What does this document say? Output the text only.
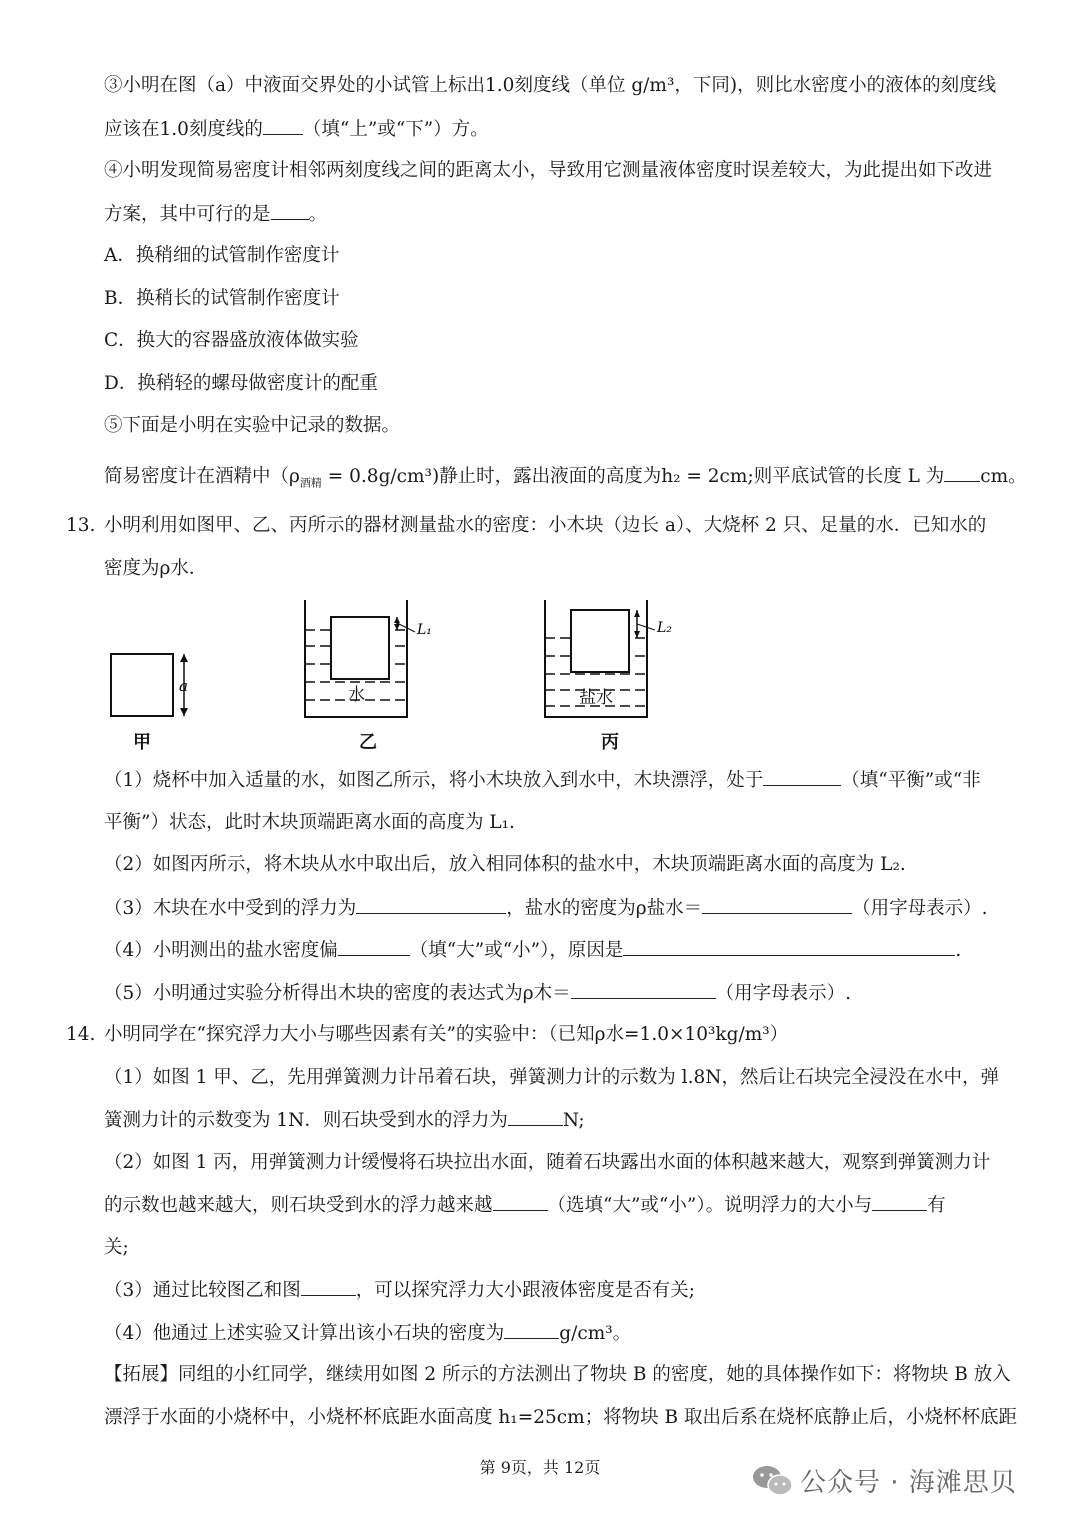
③小明在图（a）中液面交界处的小试管上标出1.0刻度线（单位 g/m³，下同)，则比水密度小的液体的刻度线
应该在1.0刻度线的 （填“上”或“下”）方。
④小明发现简易密度计相邻两刻度线之间的距离太小，导致用它测量液体密度时误差较大，为此提出如下改进
方案，其中可行的是 。
A．换稍细的试管制作密度计
B．换稍长的试管制作密度计
C．换大的容器盛放液体做实验
D．换稍轻的螺母做密度计的配重
⑤下面是小明在实验中记录的数据。
简易密度计在酒精中$(\rho_{酒精} = 0.8g/cm^3)$静止时，露出液面的高度为h₂ = 2cm;则平底试管的长度 L 为 cm。
13. 小明利用如图甲、乙、丙所示的器材测量盐水的密度：小木块（边长 a）、大烧杯 2 只、足量的水．已知水的
密度为ρ水．
a
甲
水
L₁
乙
盐水
L₂
丙
（1）烧杯中加入适量的水，如图乙所示，将小木块放入到水中，木块漂浮，处于	（填“平衡”或“非
平衡”）状态，此时木块顶端距离水面的高度为 L₁.
（2）如图丙所示，将木块从水中取出后，放入相同体积的盐水中，木块顶端距离水面的高度为 L₂.
（3）木块在水中受到的浮力为	，盐水的密度为ρ盐水＝	（用字母表示）.
（4）小明测出的盐水密度偏	（填“大”或“小”），原因是	.
（5）小明通过实验分析得出木块的密度的表达式为ρ木＝	（用字母表示）.
14. 小明同学在“探究浮力大小与哪些因素有关”的实验中：（已知ρ水=1.0×10³kg/m³）
（1）如图 1 甲、乙，先用弹簧测力计吊着石块，弹簧测力计的示数为 l.8N，然后让石块完全浸没在水中，弹
簧测力计的示数变为 1N．则石块受到水的浮力为	N;
（2）如图 1 丙，用弹簧测力计缓慢将石块拉出水面，随着石块露出水面的体积越来越大，观察到弹簧测力计
的示数也越来越大，则石块受到水的浮力越来越	（选填“大”或“小”）。说明浮力的大小与	有
关;
（3）通过比较图乙和图	，可以探究浮力大小跟液体密度是否有关;
（4）他通过上述实验又计算出该小石块的密度为	g/cm³。
【拓展】同组的小红同学，继续用如图 2 所示的方法测出了物块 B 的密度，她的具体操作如下：将物块 B 放入
漂浮于水面的小烧杯中，小烧杯杯底距水面高度 h₁=25cm；将物块 B 取出后系在烧杯底静止后，小烧杯杯底距
第 9页，共 12页
公众号 · 海滩思贝
